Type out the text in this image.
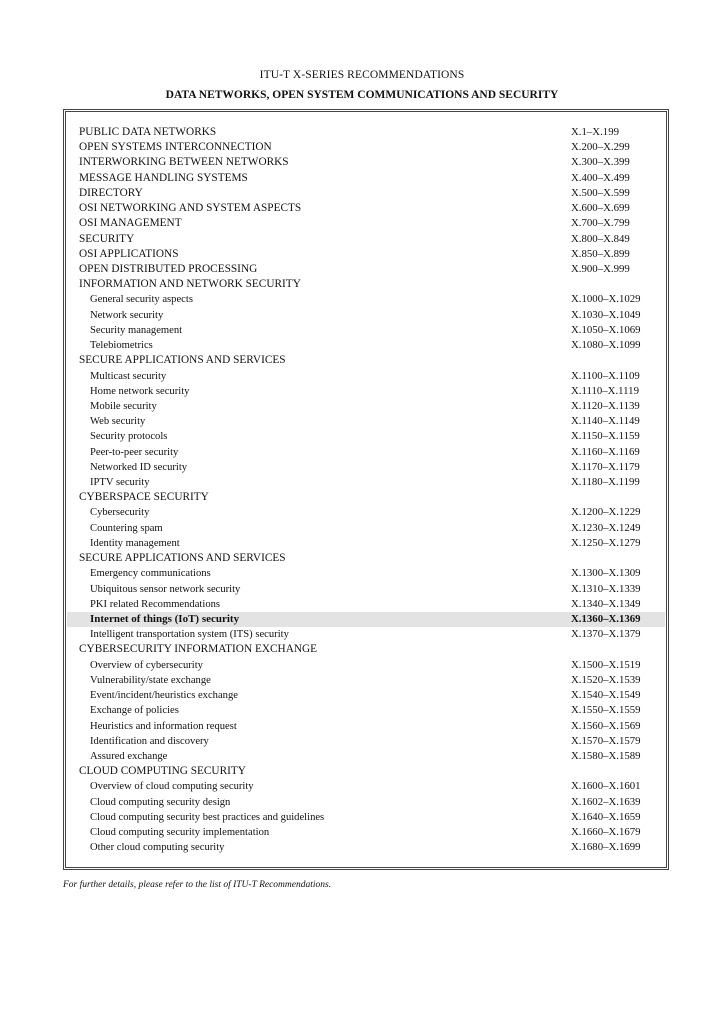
ITU-T X-SERIES RECOMMENDATIONS
DATA NETWORKS, OPEN SYSTEM COMMUNICATIONS AND SECURITY
PUBLIC DATA NETWORKS	X.1–X.199
OPEN SYSTEMS INTERCONNECTION	X.200–X.299
INTERWORKING BETWEEN NETWORKS	X.300–X.399
MESSAGE HANDLING SYSTEMS	X.400–X.499
DIRECTORY	X.500–X.599
OSI NETWORKING AND SYSTEM ASPECTS	X.600–X.699
OSI MANAGEMENT	X.700–X.799
SECURITY	X.800–X.849
OSI APPLICATIONS	X.850–X.899
OPEN DISTRIBUTED PROCESSING	X.900–X.999
INFORMATION AND NETWORK SECURITY
General security aspects	X.1000–X.1029
Network security	X.1030–X.1049
Security management	X.1050–X.1069
Telebiometrics	X.1080–X.1099
SECURE APPLICATIONS AND SERVICES
Multicast security	X.1100–X.1109
Home network security	X.1110–X.1119
Mobile security	X.1120–X.1139
Web security	X.1140–X.1149
Security protocols	X.1150–X.1159
Peer-to-peer security	X.1160–X.1169
Networked ID security	X.1170–X.1179
IPTV security	X.1180–X.1199
CYBERSPACE SECURITY
Cybersecurity	X.1200–X.1229
Countering spam	X.1230–X.1249
Identity management	X.1250–X.1279
SECURE APPLICATIONS AND SERVICES
Emergency communications	X.1300–X.1309
Ubiquitous sensor network security	X.1310–X.1339
PKI related Recommendations	X.1340–X.1349
Internet of things (IoT) security	X.1360–X.1369
Intelligent transportation system (ITS) security	X.1370–X.1379
CYBERSECURITY INFORMATION EXCHANGE
Overview of cybersecurity	X.1500–X.1519
Vulnerability/state exchange	X.1520–X.1539
Event/incident/heuristics exchange	X.1540–X.1549
Exchange of policies	X.1550–X.1559
Heuristics and information request	X.1560–X.1569
Identification and discovery	X.1570–X.1579
Assured exchange	X.1580–X.1589
CLOUD COMPUTING SECURITY
Overview of cloud computing security	X.1600–X.1601
Cloud computing security design	X.1602–X.1639
Cloud computing security best practices and guidelines	X.1640–X.1659
Cloud computing security implementation	X.1660–X.1679
Other cloud computing security	X.1680–X.1699
For further details, please refer to the list of ITU-T Recommendations.
